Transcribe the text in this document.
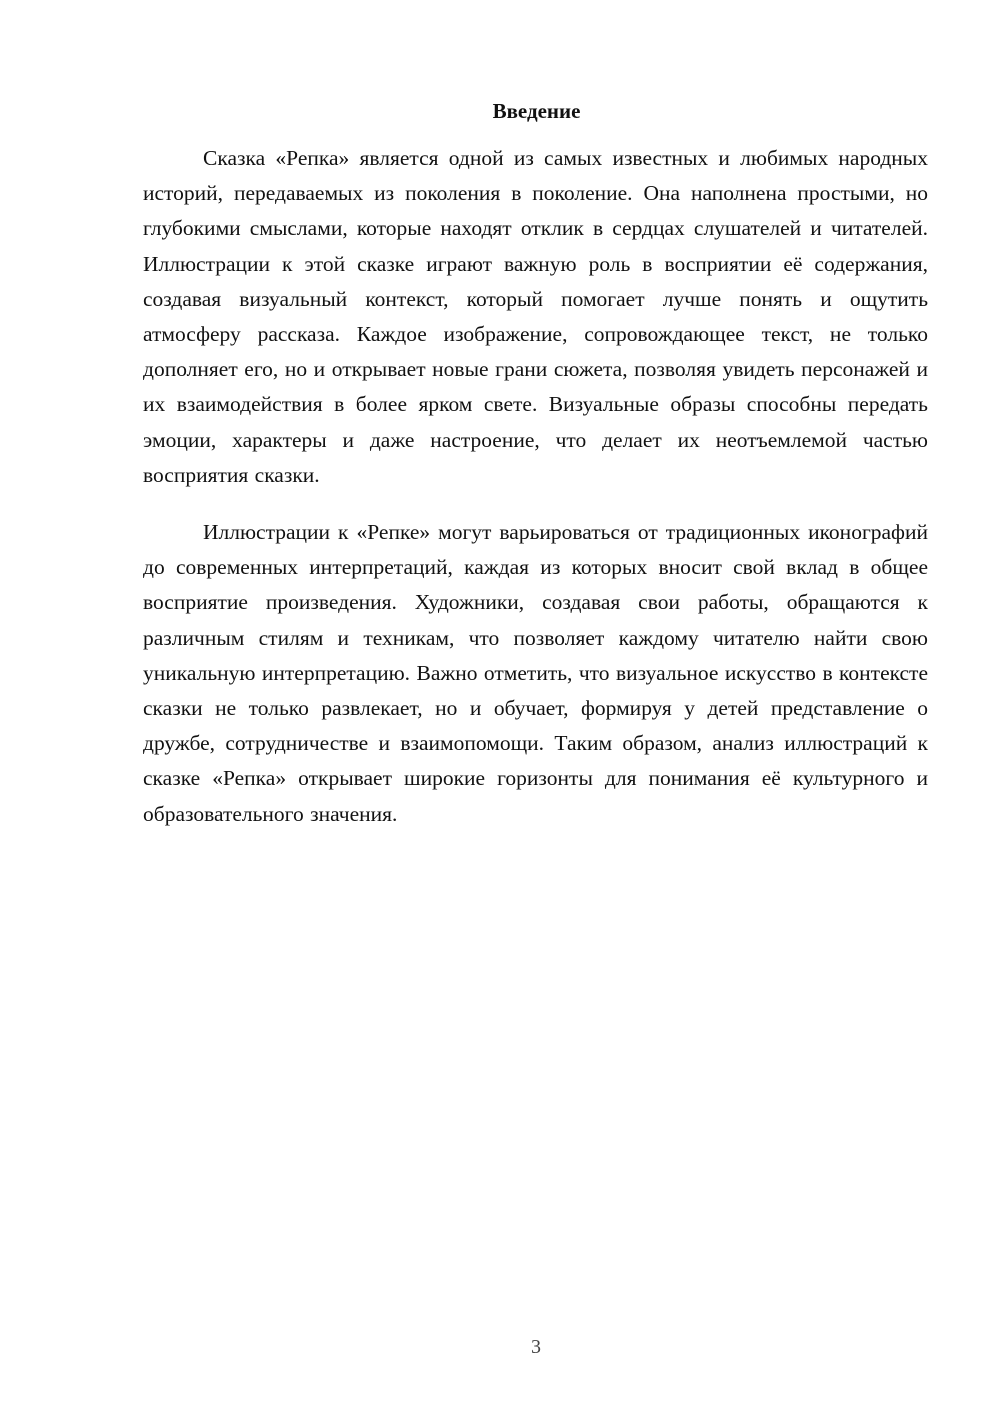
Введение

Сказка «Репка» является одной из самых известных и любимых народных историй, передаваемых из поколения в поколение. Она наполнена простыми, но глубокими смыслами, которые находят отклик в сердцах слушателей и читателей. Иллюстрации к этой сказке играют важную роль в восприятии её содержания, создавая визуальный контекст, который помогает лучше понять и ощутить атмосферу рассказа. Каждое изображение, сопровождающее текст, не только дополняет его, но и открывает новые грани сюжета, позволяя увидеть персонажей и их взаимодействия в более ярком свете. Визуальные образы способны передать эмоции, характеры и даже настроение, что делает их неотъемлемой частью восприятия сказки.

Иллюстрации к «Репке» могут варьироваться от традиционных иконографий до современных интерпретаций, каждая из которых вносит свой вклад в общее восприятие произведения. Художники, создавая свои работы, обращаются к различным стилям и техникам, что позволяет каждому читателю найти свою уникальную интерпретацию. Важно отметить, что визуальное искусство в контексте сказки не только развлекает, но и обучает, формируя у детей представление о дружбе, сотрудничестве и взаимопомощи. Таким образом, анализ иллюстраций к сказке «Репка» открывает широкие горизонты для понимания её культурного и образовательного значения.

3
